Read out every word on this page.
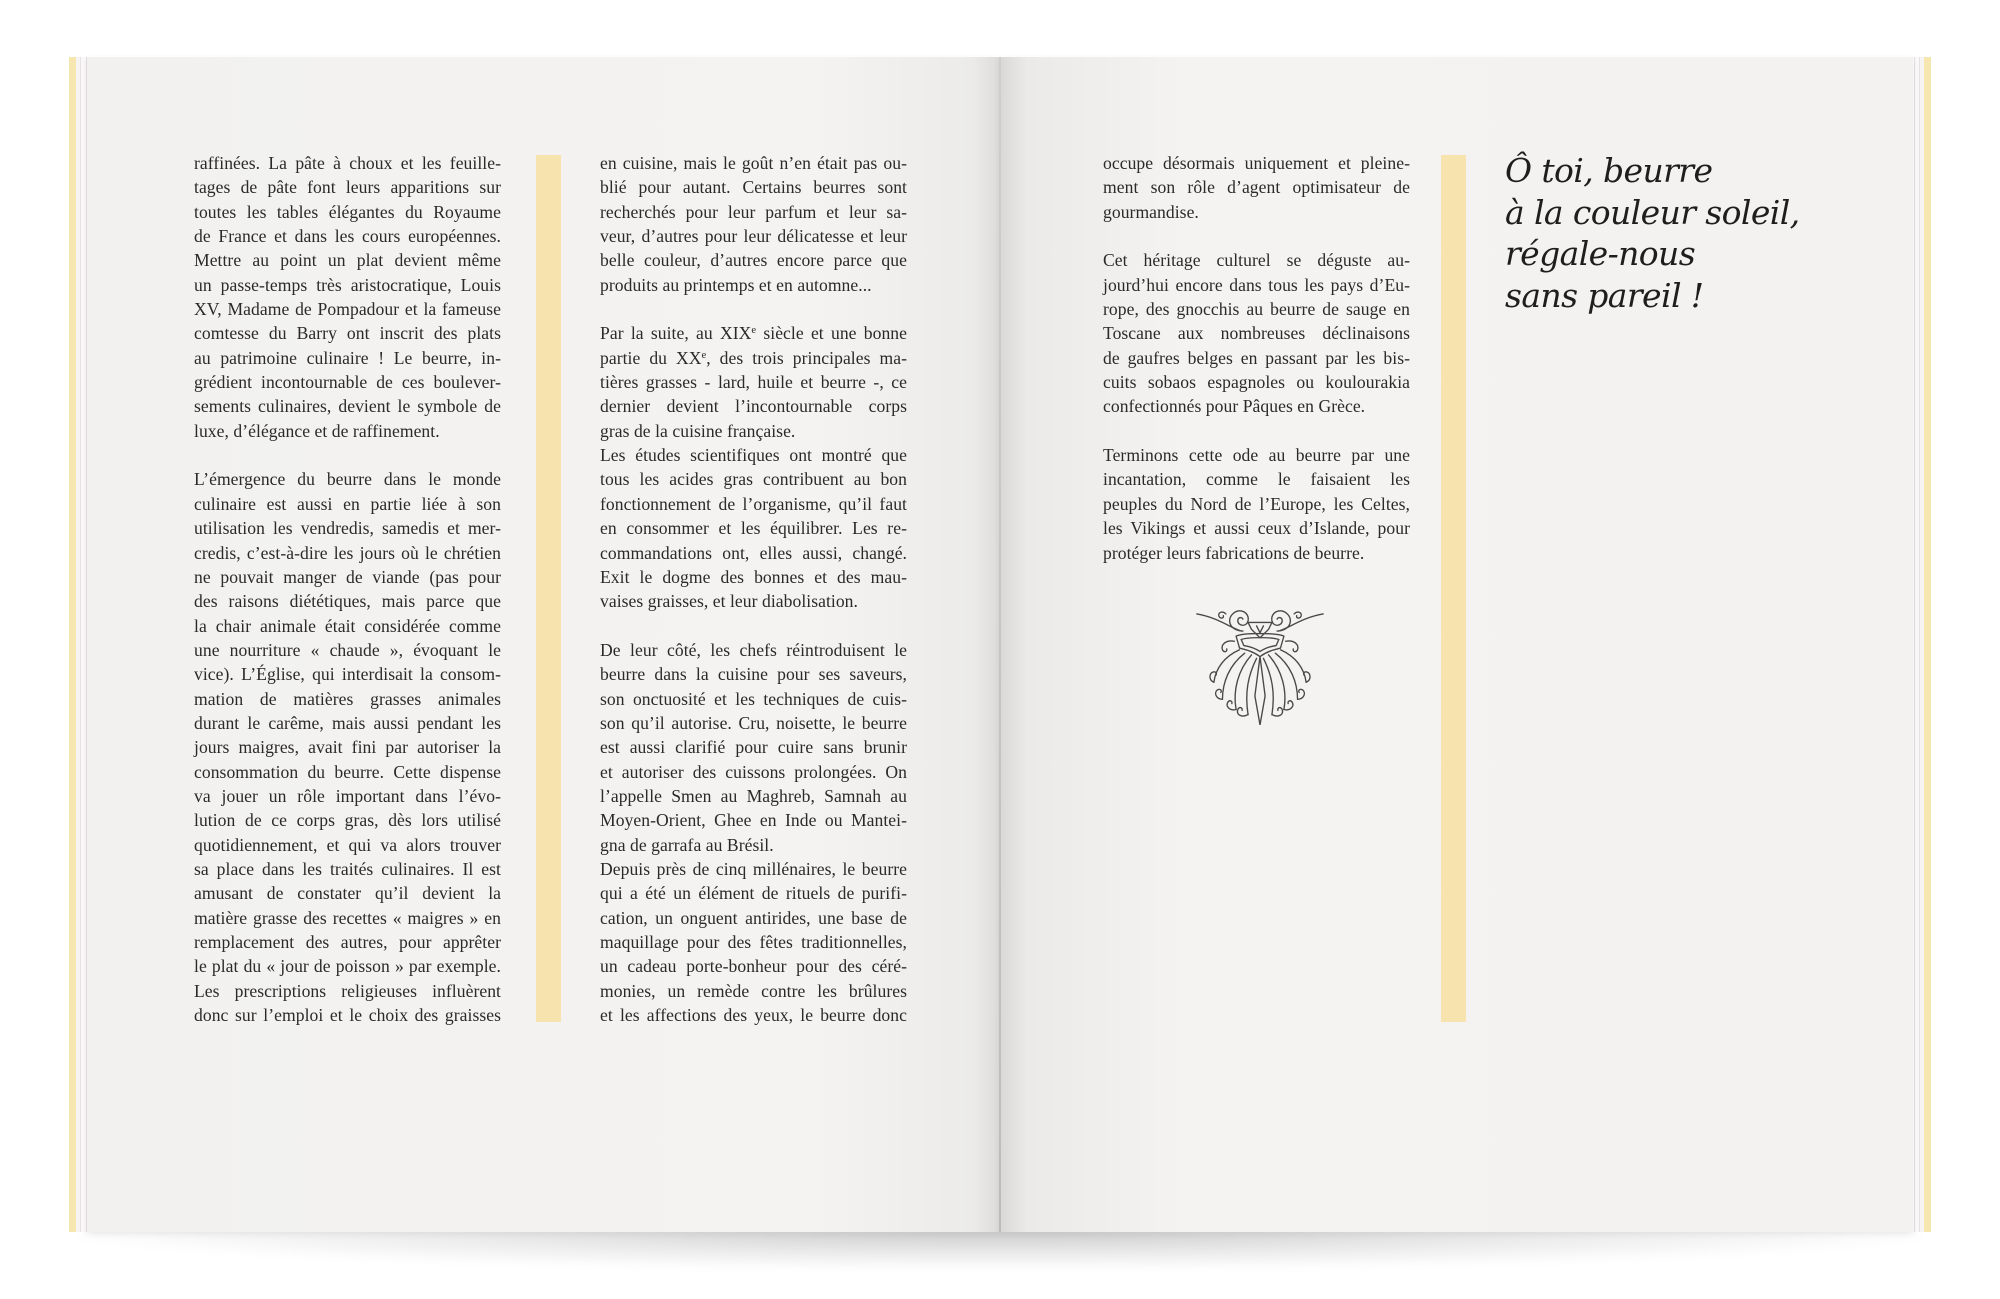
raffinées. La pâte à choux et les feuille-
tages de pâte font leurs apparitions sur
toutes les tables élégantes du Royaume
de France et dans les cours européennes.
Mettre au point un plat devient même
un passe-temps très aristocratique, Louis
XV, Madame de Pompadour et la fameuse
comtesse du Barry ont inscrit des plats
au patrimoine culinaire ! Le beurre, in-
grédient incontournable de ces boulever-
sements culinaires, devient le symbole de
luxe, d’élégance et de raffinement.
L’émergence du beurre dans le monde
culinaire est aussi en partie liée à son
utilisation les vendredis, samedis et mer-
credis, c’est-à-dire les jours où le chrétien
ne pouvait manger de viande (pas pour
des raisons diététiques, mais parce que
la chair animale était considérée comme
une nourriture « chaude », évoquant le
vice). L’Église, qui interdisait la consom-
mation de matières grasses animales
durant le carême, mais aussi pendant les
jours maigres, avait fini par autoriser la
consommation du beurre. Cette dispense
va jouer un rôle important dans l’évo-
lution de ce corps gras, dès lors utilisé
quotidiennement, et qui va alors trouver
sa place dans les traités culinaires. Il est
amusant de constater qu’il devient la
matière grasse des recettes « maigres » en
remplacement des autres, pour apprêter
le plat du « jour de poisson » par exemple.
Les prescriptions religieuses influèrent
donc sur l’emploi et le choix des graisses
en cuisine, mais le goût n’en était pas ou-
blié pour autant. Certains beurres sont
recherchés pour leur parfum et leur sa-
veur, d’autres pour leur délicatesse et leur
belle couleur, d’autres encore parce que
produits au printemps et en automne...
Par la suite, au XIXe siècle et une bonne
partie du XXe, des trois principales ma-
tières grasses - lard, huile et beurre -, ce
dernier devient l’incontournable corps
gras de la cuisine française.
Les études scientifiques ont montré que
tous les acides gras contribuent au bon
fonctionnement de l’organisme, qu’il faut
en consommer et les équilibrer. Les re-
commandations ont, elles aussi, changé.
Exit le dogme des bonnes et des mau-
vaises graisses, et leur diabolisation.
De leur côté, les chefs réintroduisent le
beurre dans la cuisine pour ses saveurs,
son onctuosité et les techniques de cuis-
son qu’il autorise. Cru, noisette, le beurre
est aussi clarifié pour cuire sans brunir
et autoriser des cuissons prolongées. On
l’appelle Smen au Maghreb, Samnah au
Moyen-Orient, Ghee en Inde ou Mantei-
gna de garrafa au Brésil.
Depuis près de cinq millénaires, le beurre
qui a été un élément de rituels de purifi-
cation, un onguent antirides, une base de
maquillage pour des fêtes traditionnelles,
un cadeau porte-bonheur pour des céré-
monies, un remède contre les brûlures
et les affections des yeux, le beurre donc
occupe désormais uniquement et pleine-
ment son rôle d’agent optimisateur de
gourmandise.
Cet héritage culturel se déguste au-
jourd’hui encore dans tous les pays d’Eu-
rope, des gnocchis au beurre de sauge en
Toscane aux nombreuses déclinaisons
de gaufres belges en passant par les bis-
cuits sobaos espagnoles ou koulourakia
confectionnés pour Pâques en Grèce.
Terminons cette ode au beurre par une
incantation, comme le faisaient les
peuples du Nord de l’Europe, les Celtes,
les Vikings et aussi ceux d’Islande, pour
protéger leurs fabrications de beurre.
Ô toi, beurre
à la couleur soleil,
régale-nous
sans pareil !
